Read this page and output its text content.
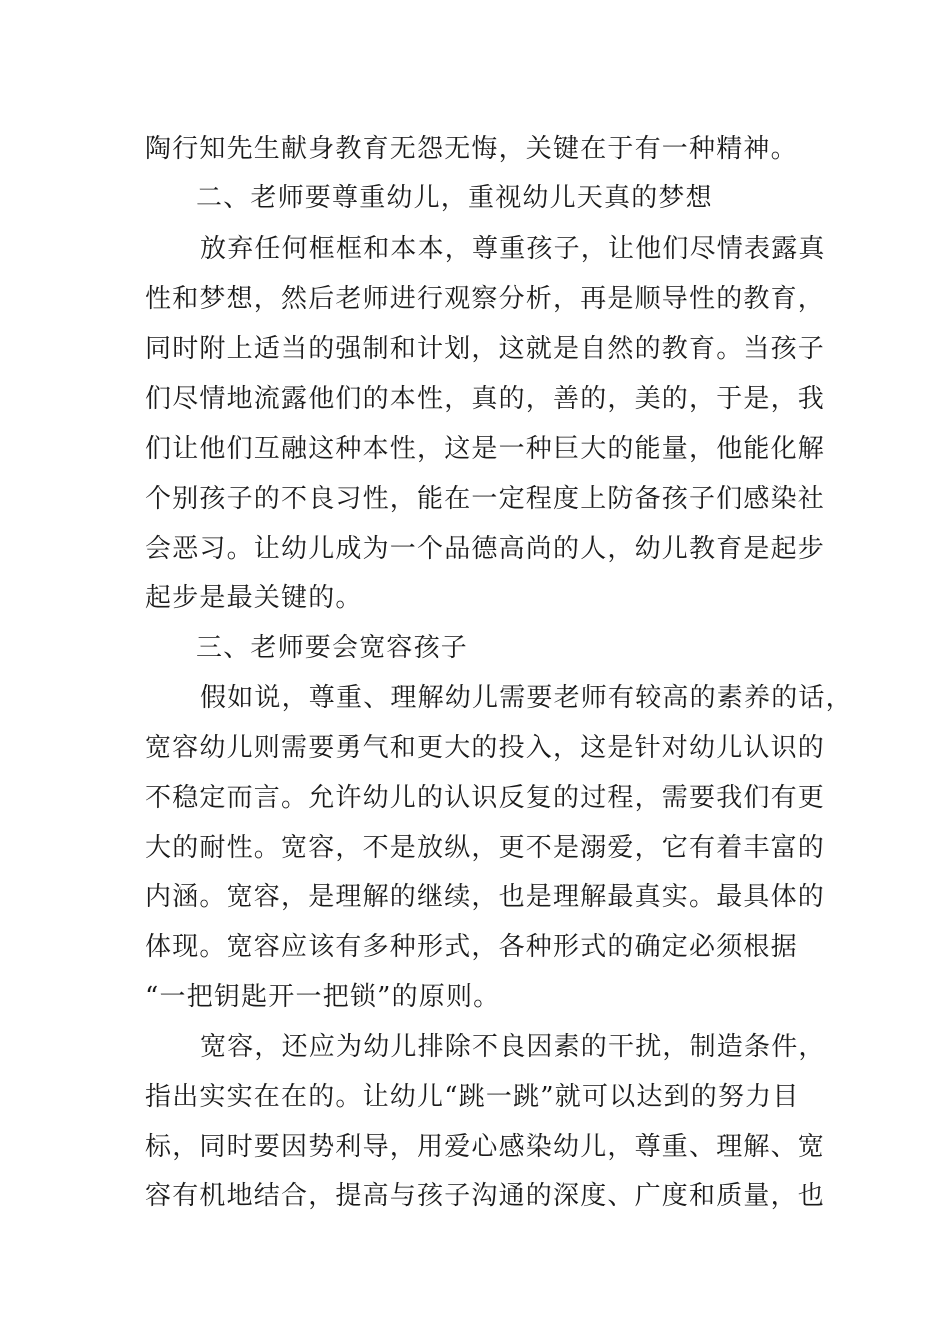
陶行知先生献身教育无怨无悔，关键在于有一种精神。
二、老师要尊重幼儿，重视幼儿天真的梦想
放弃任何框框和本本，尊重孩子，让他们尽情表露真
性和梦想，然后老师进行观察分析，再是顺导性的教育，
同时附上适当的强制和计划，这就是自然的教育。当孩子
们尽情地流露他们的本性，真的，善的，美的，于是，我
们让他们互融这种本性，这是一种巨大的能量，他能化解
个别孩子的不良习性，能在一定程度上防备孩子们感染社
会恶习。让幼儿成为一个品德高尚的人，幼儿教育是起步
起步是最关键的。
三、老师要会宽容孩子
假如说，尊重、理解幼儿需要老师有较高的素养的话，
宽容幼儿则需要勇气和更大的投入，这是针对幼儿认识的
不稳定而言。允许幼儿的认识反复的过程，需要我们有更
大的耐性。宽容，不是放纵，更不是溺爱，它有着丰富的
内涵。宽容，是理解的继续，也是理解最真实。最具体的
体现。宽容应该有多种形式，各种形式的确定必须根据
“一把钥匙开一把锁”的原则。
宽容，还应为幼儿排除不良因素的干扰，制造条件，
指出实实在在的。让幼儿“跳一跳”就可以达到的努力目
标，同时要因势利导，用爱心感染幼儿，尊重、理解、宽
容有机地结合，提高与孩子沟通的深度、广度和质量，也
